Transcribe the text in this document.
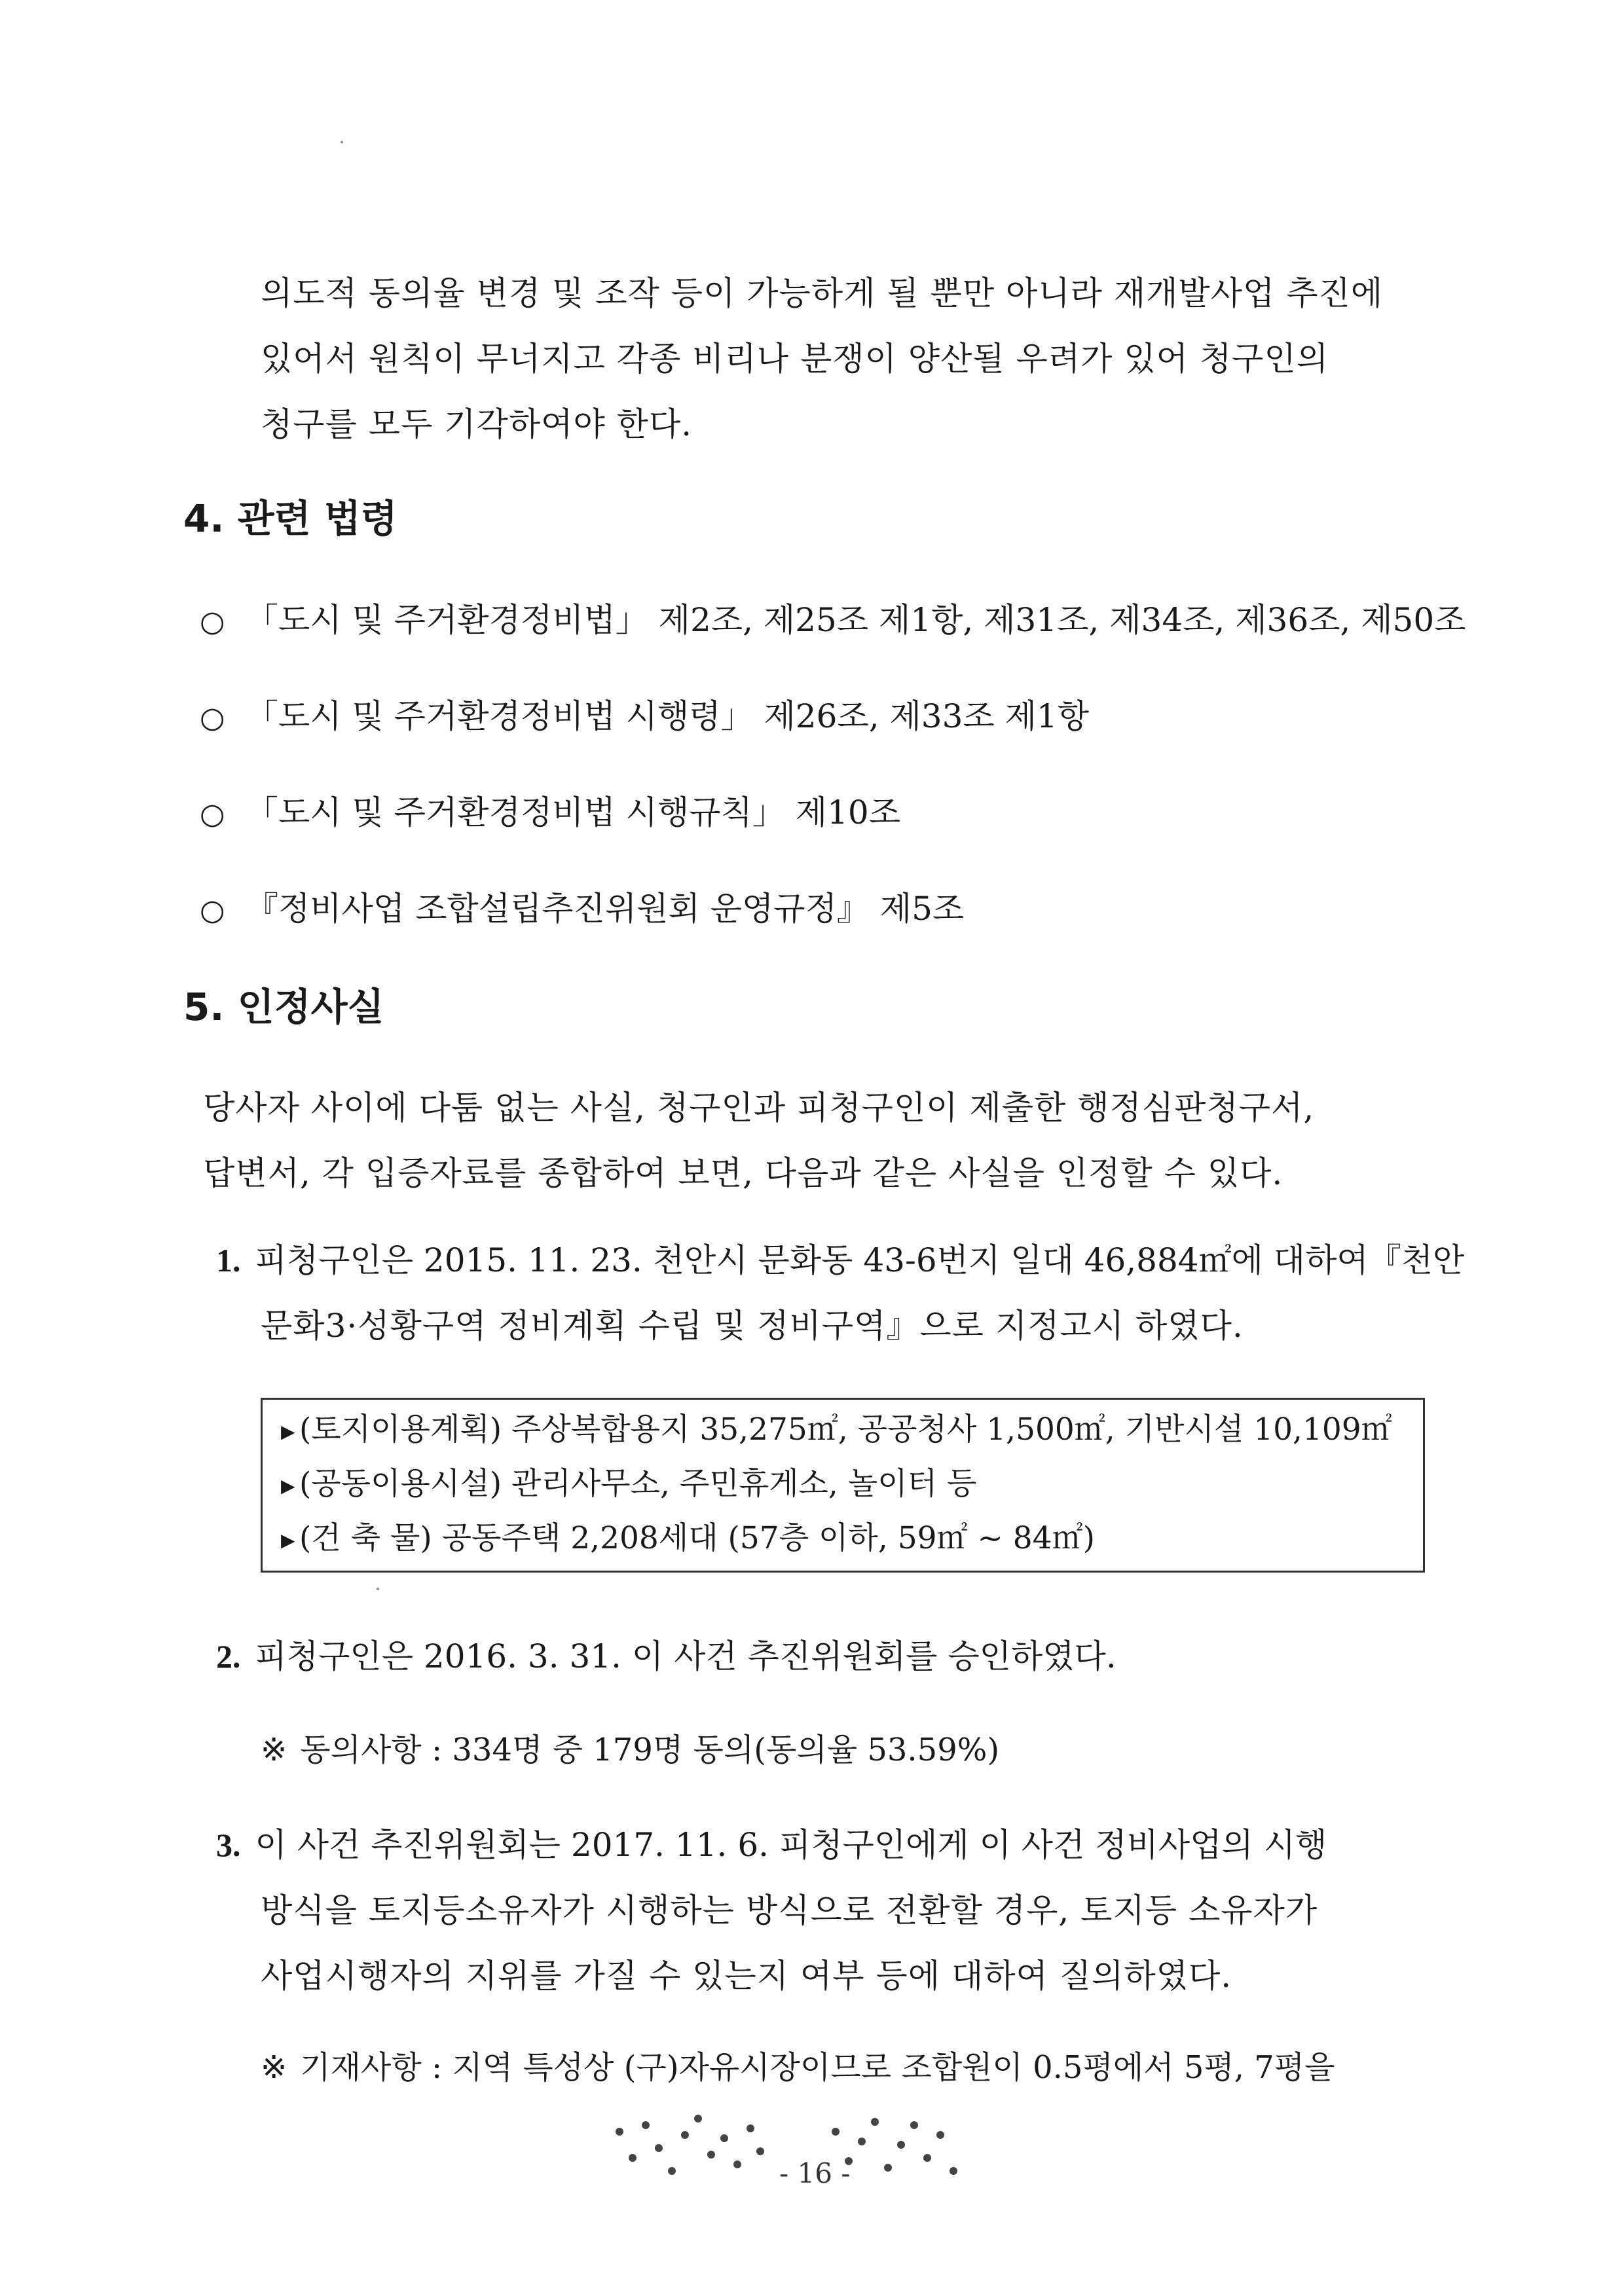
의도적 동의율 변경 및 조작 등이 가능하게 될 뿐만 아니라 재개발사업 추진에
있어서 원칙이 무너지고 각종 비리나 분쟁이 양산될 우려가 있어 청구인의
청구를 모두 기각하여야 한다.
4. 관련 법령
○ 「도시 및 주거환경정비법」 제2조, 제25조 제1항, 제31조, 제34조, 제36조, 제50조
○ 「도시 및 주거환경정비법 시행령」 제26조, 제33조 제1항
○ 「도시 및 주거환경정비법 시행규칙」 제10조
○ 『정비사업 조합설립추진위원회 운영규정』 제5조
5. 인정사실
당사자 사이에 다툼 없는 사실, 청구인과 피청구인이 제출한 행정심판청구서,
답변서, 각 입증자료를 종합하여 보면, 다음과 같은 사실을 인정할 수 있다.
1. 피청구인은 2015. 11. 23. 천안시 문화동 43-6번지 일대 46,884㎡에 대하여『천안
문화3·성황구역 정비계획 수립 및 정비구역』으로 지정고시 하였다.
▶ (토지이용계획) 주상복합용지 35,275㎡, 공공청사 1,500㎡, 기반시설 10,109㎡
▶ (공동이용시설) 관리사무소, 주민휴게소, 놀이터 등
▶ (건 축 물) 공동주택 2,208세대 (57층 이하, 59㎡ ~ 84㎡)
2. 피청구인은 2016. 3. 31. 이 사건 추진위원회를 승인하였다.
※ 동의사항 : 334명 중 179명 동의(동의율 53.59%)
3. 이 사건 추진위원회는 2017. 11. 6. 피청구인에게 이 사건 정비사업의 시행
방식을 토지등소유자가 시행하는 방식으로 전환할 경우, 토지등 소유자가
사업시행자의 지위를 가질 수 있는지 여부 등에 대하여 질의하였다.
※ 기재사항 : 지역 특성상 (구)자유시장이므로 조합원이 0.5평에서 5평, 7평을
- 16 -
